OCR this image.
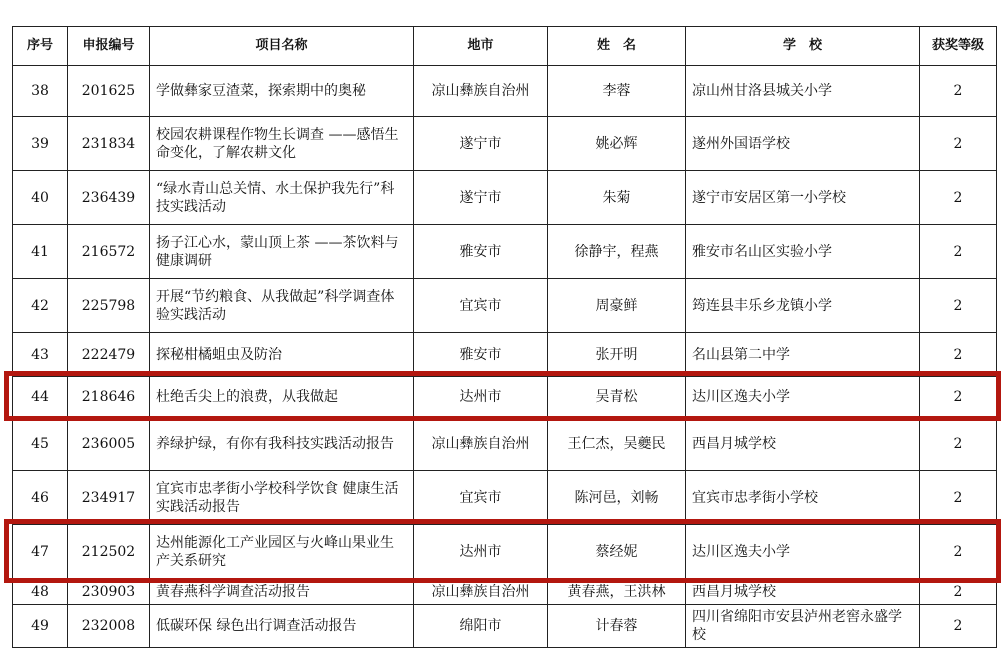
序号	申报编号	项目名称	地市	姓　名	学　校	获奖等级
38	201625	学做彝家豆渣菜，探索期中的奥秘	凉山彝族自治州	李蓉	凉山州甘洛县城关小学	2
39	231834	校园农耕课程作物生长调查 ——感悟生命变化，了解农耕文化	遂宁市	姚必辉	遂州外国语学校	2
40	236439	“绿水青山总关情、水土保护我先行”科技实践活动	遂宁市	朱菊	遂宁市安居区第一小学校	2
41	216572	扬子江心水，蒙山顶上茶 ——茶饮料与健康调研	雅安市	徐静宇，程燕	雅安市名山区实验小学	2
42	225798	开展“节约粮食、从我做起”科学调查体验实践活动	宜宾市	周豪鲜	筠连县丰乐乡龙镇小学	2
43	222479	探秘柑橘蛆虫及防治	雅安市	张开明	名山县第二中学	2
44	218646	杜绝舌尖上的浪费，从我做起	达州市	吴青松	达川区逸夫小学	2
45	236005	养绿护绿，有你有我科技实践活动报告	凉山彝族自治州	王仁杰，吴夔民	西昌月城学校	2
46	234917	宜宾市忠孝街小学校科学饮食 健康生活实践活动报告	宜宾市	陈河邑，刘畅	宜宾市忠孝街小学校	2
47	212502	达州能源化工产业园区与火峰山果业生产关系研究	达州市	蔡经妮	达川区逸夫小学	2
48	230903	黄春燕科学调查活动报告	凉山彝族自治州	黄春燕，王洪林	西昌月城学校	2
49	232008	低碳环保 绿色出行调查活动报告	绵阳市	计春蓉	四川省绵阳市安县泸州老窖永盛学校	2
